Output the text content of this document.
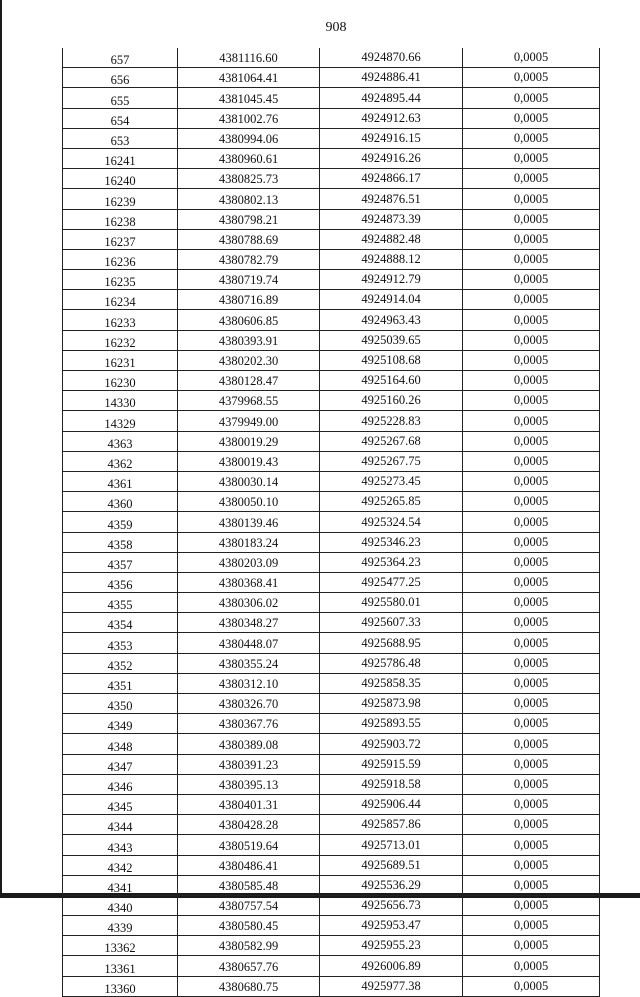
908
657	4381116.60	4924870.66	0,0005
656	4381064.41	4924886.41	0,0005
655	4381045.45	4924895.44	0,0005
654	4381002.76	4924912.63	0,0005
653	4380994.06	4924916.15	0,0005
16241	4380960.61	4924916.26	0,0005
16240	4380825.73	4924866.17	0,0005
16239	4380802.13	4924876.51	0,0005
16238	4380798.21	4924873.39	0,0005
16237	4380788.69	4924882.48	0,0005
16236	4380782.79	4924888.12	0,0005
16235	4380719.74	4924912.79	0,0005
16234	4380716.89	4924914.04	0,0005
16233	4380606.85	4924963.43	0,0005
16232	4380393.91	4925039.65	0,0005
16231	4380202.30	4925108.68	0,0005
16230	4380128.47	4925164.60	0,0005
14330	4379968.55	4925160.26	0,0005
14329	4379949.00	4925228.83	0,0005
4363	4380019.29	4925267.68	0,0005
4362	4380019.43	4925267.75	0,0005
4361	4380030.14	4925273.45	0,0005
4360	4380050.10	4925265.85	0,0005
4359	4380139.46	4925324.54	0,0005
4358	4380183.24	4925346.23	0,0005
4357	4380203.09	4925364.23	0,0005
4356	4380368.41	4925477.25	0,0005
4355	4380306.02	4925580.01	0,0005
4354	4380348.27	4925607.33	0,0005
4353	4380448.07	4925688.95	0,0005
4352	4380355.24	4925786.48	0,0005
4351	4380312.10	4925858.35	0,0005
4350	4380326.70	4925873.98	0,0005
4349	4380367.76	4925893.55	0,0005
4348	4380389.08	4925903.72	0,0005
4347	4380391.23	4925915.59	0,0005
4346	4380395.13	4925918.58	0,0005
4345	4380401.31	4925906.44	0,0005
4344	4380428.28	4925857.86	0,0005
4343	4380519.64	4925713.01	0,0005
4342	4380486.41	4925689.51	0,0005
4341	4380585.48	4925536.29	0,0005
4340	4380757.54	4925656.73	0,0005
4339	4380580.45	4925953.47	0,0005
13362	4380582.99	4925955.23	0,0005
13361	4380657.76	4926006.89	0,0005
13360	4380680.75	4925977.38	0,0005
